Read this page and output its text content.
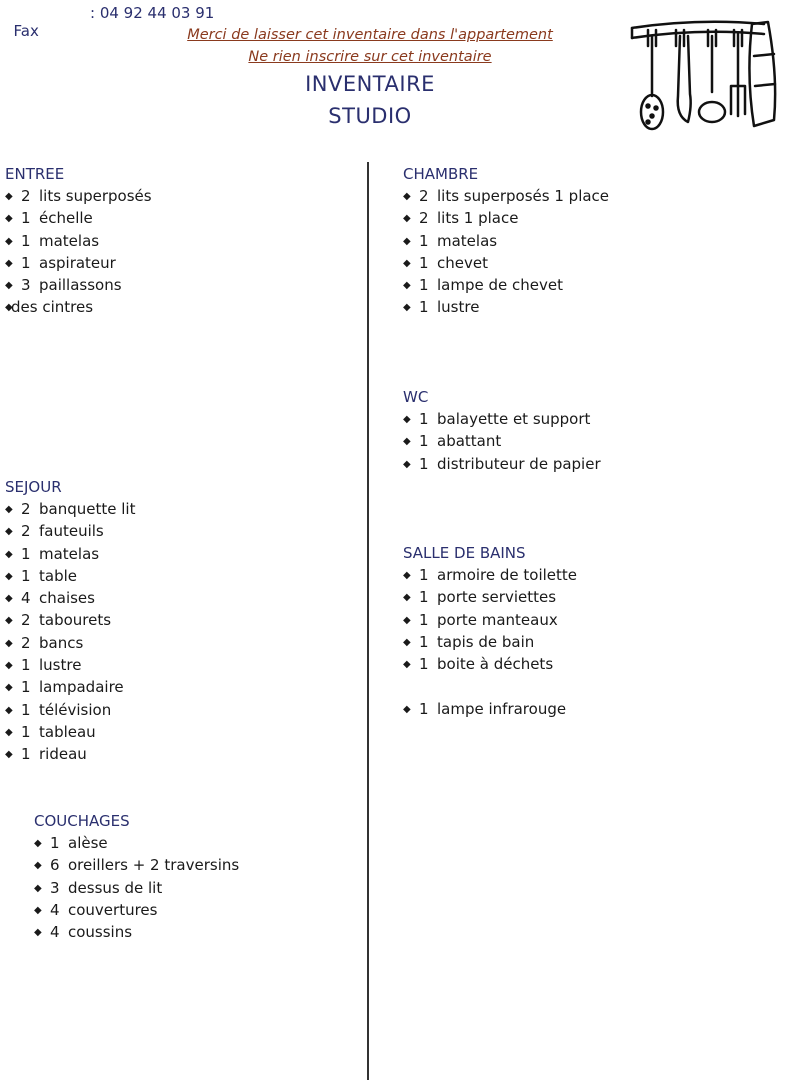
Fax

: 04 92 44 03 91

Merci de laisser cet inventaire dans l'appartement
Ne rien inscrire sur cet inventaire
INVENTAIRE
STUDIO
ENTREE
◆ 2 lits superposés
◆ 1 échelle
◆ 1 matelas
◆ 1 aspirateur
◆ 3 paillassons
◆des cintres
SEJOUR
◆ 2 banquette lit
◆ 2 fauteuils
◆ 1 matelas
◆ 1 table
◆ 4 chaises
◆ 2 tabourets
◆ 2 bancs
◆ 1 lustre
◆ 1 lampadaire
◆ 1 télévision
◆ 1 tableau
◆ 1 rideau
COUCHAGES
◆ 1 alèse
◆ 6 oreillers + 2 traversins
◆ 3 dessus de lit
◆ 4 couvertures
◆ 4 coussins
CHAMBRE
◆ 2 lits superposés 1 place
◆ 2 lits 1 place
◆ 1 matelas
◆ 1 chevet
◆ 1 lampe de chevet
◆ 1 lustre
WC
◆ 1 balayette et support
◆ 1 abattant
◆ 1 distributeur de papier
SALLE DE BAINS
◆ 1 armoire de toilette
◆ 1 porte serviettes
◆ 1 porte manteaux
◆ 1 tapis de bain
◆ 1 boite à déchets
◆ 1 lampe infrarouge
